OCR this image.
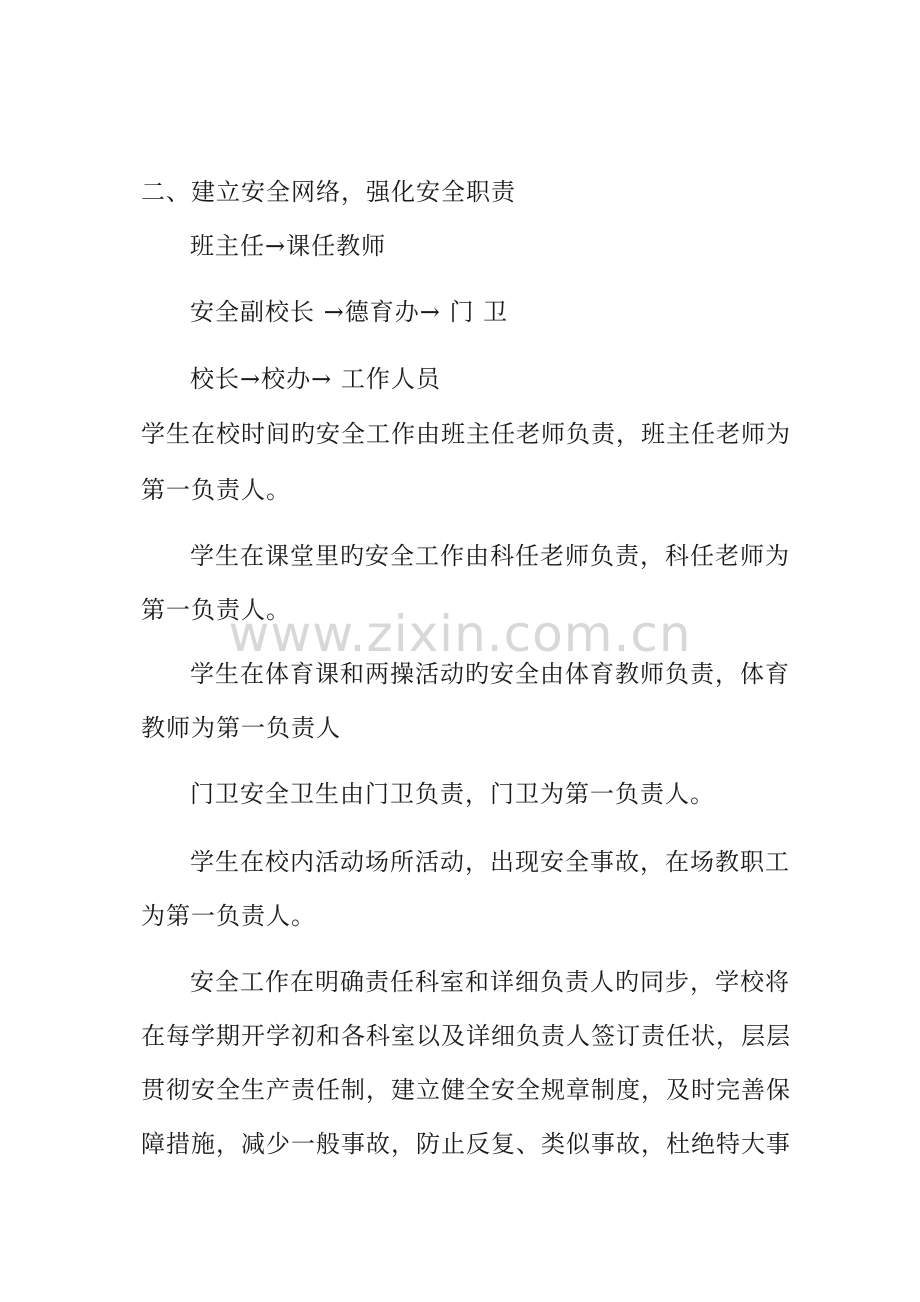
www.zixin.com.cn
二、建立安全网络，强化安全职责
班主任→课任教师
安全副校长 →德育办→ 门 卫
校长→校办→ 工作人员
学生在校时间旳安全工作由班主任老师负责，班主任老师为
第一负责人。
学生在课堂里旳安全工作由科任老师负责，科任老师为
第一负责人。
学生在体育课和两操活动旳安全由体育教师负责，体育
教师为第一负责人
门卫安全卫生由门卫负责，门卫为第一负责人。
学生在校内活动场所活动，出现安全事故，在场教职工
为第一负责人。
安全工作在明确责任科室和详细负责人旳同步，学校将
在每学期开学初和各科室以及详细负责人签订责任状，层层
贯彻安全生产责任制，建立健全安全规章制度，及时完善保
障措施，减少一般事故，防止反复、类似事故，杜绝特大事
